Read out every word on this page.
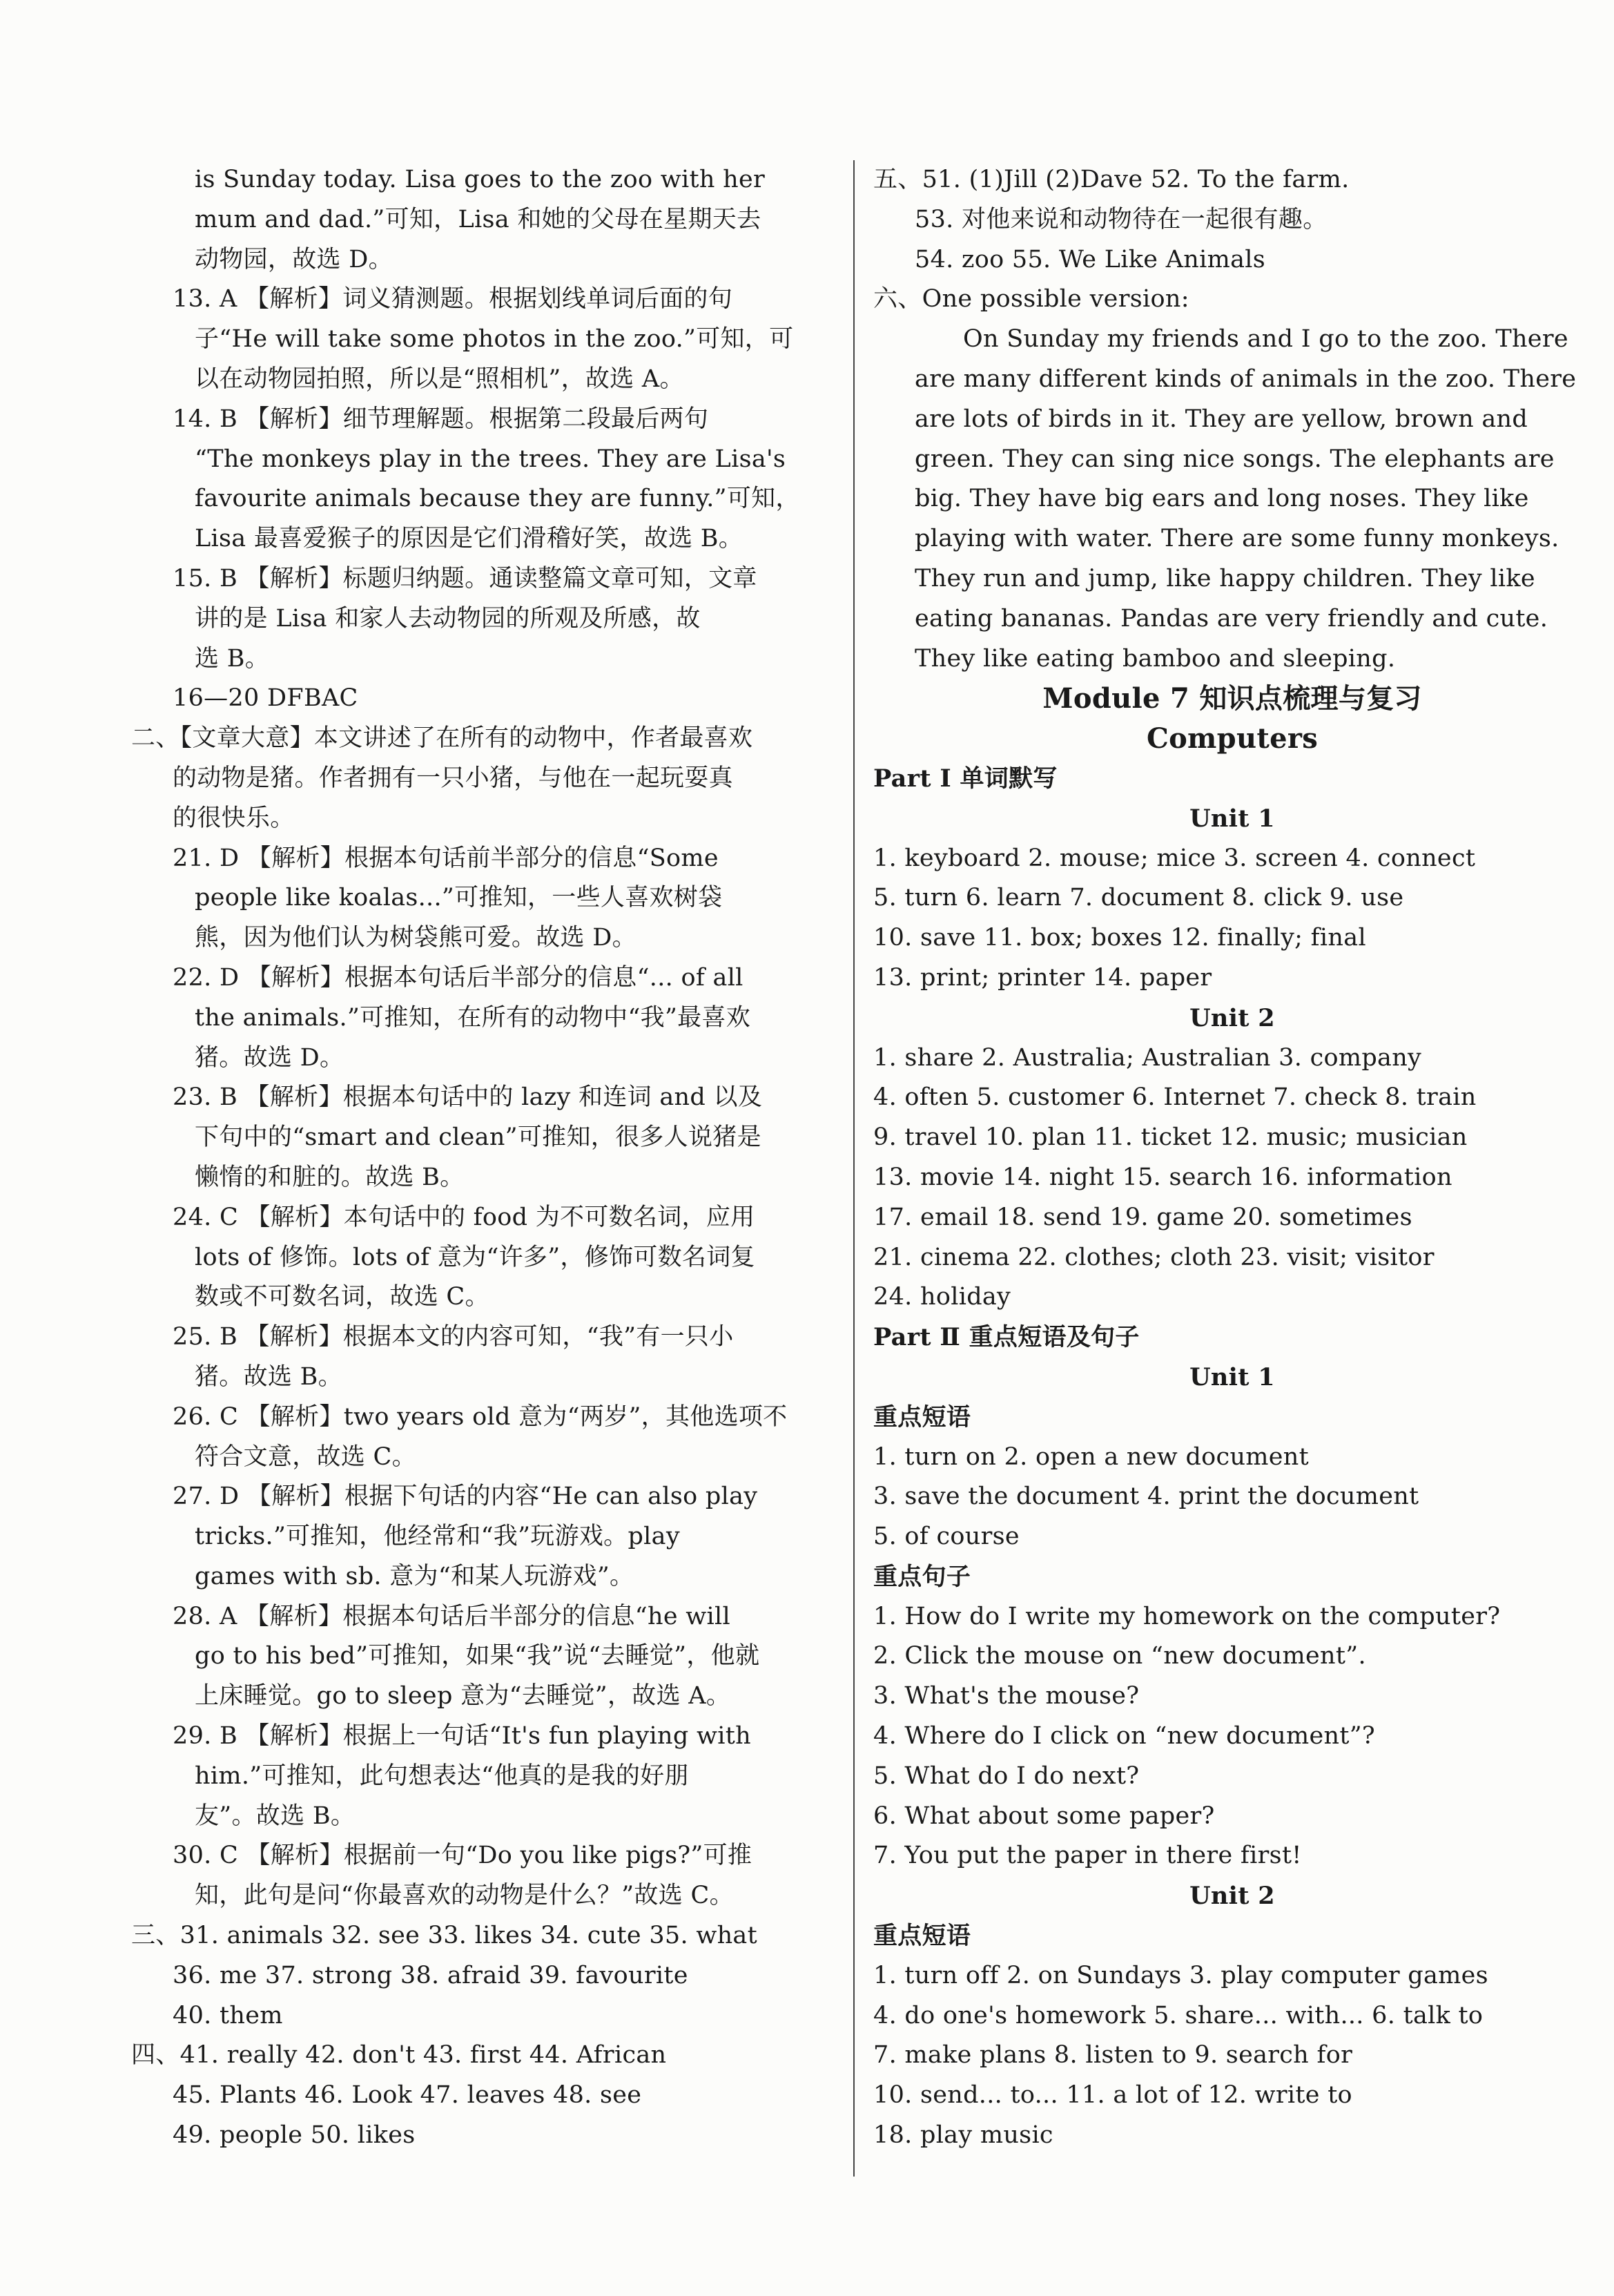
is Sunday today. Lisa goes to the zoo with her
mum and dad.”可知，Lisa 和她的父母在星期天去
动物园，故选 D。
13. A 【解析】词义猜测题。根据划线单词后面的句
子“He will take some photos in the zoo.”可知，可
以在动物园拍照，所以是“照相机”，故选 A。
14. B 【解析】细节理解题。根据第二段最后两句
“The monkeys play in the trees. They are Lisa's
favourite animals because they are funny.”可知，
Lisa 最喜爱猴子的原因是它们滑稽好笑，故选 B。
15. B 【解析】标题归纳题。通读整篇文章可知，文章
讲的是 Lisa 和家人去动物园的所观及所感，故
选 B。
16—20 DFBAC
二、【文章大意】本文讲述了在所有的动物中，作者最喜欢
的动物是猪。作者拥有一只小猪，与他在一起玩耍真
的很快乐。
21. D 【解析】根据本句话前半部分的信息“Some
people like koalas...”可推知，一些人喜欢树袋
熊，因为他们认为树袋熊可爱。故选 D。
22. D 【解析】根据本句话后半部分的信息“... of all
the animals.”可推知，在所有的动物中“我”最喜欢
猪。故选 D。
23. B 【解析】根据本句话中的 lazy 和连词 and 以及
下句中的“smart and clean”可推知，很多人说猪是
懒惰的和脏的。故选 B。
24. C 【解析】本句话中的 food 为不可数名词，应用
lots of 修饰。lots of 意为“许多”，修饰可数名词复
数或不可数名词，故选 C。
25. B 【解析】根据本文的内容可知，“我”有一只小
猪。故选 B。
26. C 【解析】two years old 意为“两岁”，其他选项不
符合文意，故选 C。
27. D 【解析】根据下句话的内容“He can also play
tricks.”可推知，他经常和“我”玩游戏。play
games with sb. 意为“和某人玩游戏”。
28. A 【解析】根据本句话后半部分的信息“he will
go to his bed”可推知，如果“我”说“去睡觉”，他就
上床睡觉。go to sleep 意为“去睡觉”，故选 A。
29. B 【解析】根据上一句话“It's fun playing with
him.”可推知，此句想表达“他真的是我的好朋
友”。故选 B。
30. C 【解析】根据前一句“Do you like pigs?”可推
知，此句是问“你最喜欢的动物是什么？”故选 C。
三、31. animals 32. see 33. likes 34. cute 35. what
36. me 37. strong 38. afraid 39. favourite
40. them
四、41. really 42. don't 43. first 44. African
45. Plants 46. Look 47. leaves 48. see
49. people 50. likes
五、51. (1)Jill (2)Dave 52. To the farm.
53. 对他来说和动物待在一起很有趣。
54. zoo 55. We Like Animals
六、One possible version:
On Sunday my friends and I go to the zoo. There
are many different kinds of animals in the zoo. There
are lots of birds in it. They are yellow, brown and
green. They can sing nice songs. The elephants are
big. They have big ears and long noses. They like
playing with water. There are some funny monkeys.
They run and jump, like happy children. They like
eating bananas. Pandas are very friendly and cute.
They like eating bamboo and sleeping.
Module 7 知识点梳理与复习
Computers
Part Ⅰ 单词默写
Unit 1
1. keyboard 2. mouse; mice 3. screen 4. connect
5. turn 6. learn 7. document 8. click 9. use
10. save 11. box; boxes 12. finally; final
13. print; printer 14. paper
Unit 2
1. share 2. Australia; Australian 3. company
4. often 5. customer 6. Internet 7. check 8. train
9. travel 10. plan 11. ticket 12. music; musician
13. movie 14. night 15. search 16. information
17. email 18. send 19. game 20. sometimes
21. cinema 22. clothes; cloth 23. visit; visitor
24. holiday
Part Ⅱ 重点短语及句子
Unit 1
重点短语
1. turn on 2. open a new document
3. save the document 4. print the document
5. of course
重点句子
1. How do I write my homework on the computer?
2. Click the mouse on “new document”.
3. What's the mouse?
4. Where do I click on “new document”?
5. What do I do next?
6. What about some paper?
7. You put the paper in there first!
Unit 2
重点短语
1. turn off 2. on Sundays 3. play computer games
4. do one's homework 5. share... with... 6. talk to
7. make plans 8. listen to 9. search for
10. send... to... 11. a lot of 12. write to
18. play music
